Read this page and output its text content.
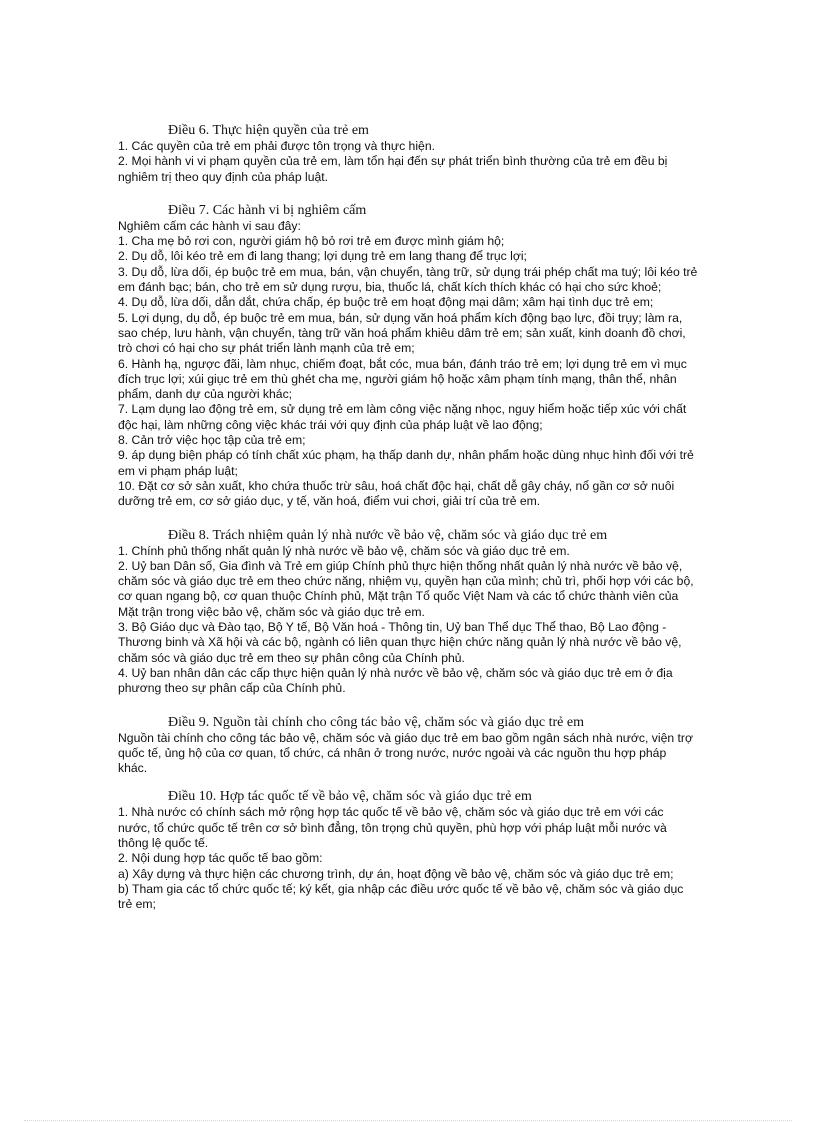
Điều 6. Thực hiện quyền của trẻ em

1. Các quyền của trẻ em phải được tôn trọng và thực hiện.

2. Mọi hành vi vi phạm quyền của trẻ em, làm tổn hại đến sự phát triển bình thường của trẻ em đều bị nghiêm trị theo quy định của pháp luật.

Điều 7. Các hành vi bị nghiêm cấm

Nghiêm cấm các hành vi sau đây:

1. Cha mẹ bỏ rơi con, người giám hộ bỏ rơi trẻ em được mình giám hộ;

2. Dụ dỗ, lôi kéo trẻ em đi lang thang; lợi dụng trẻ em lang thang để trục lợi;

3. Dụ dỗ, lừa dối, ép buộc trẻ em mua, bán, vận chuyển, tàng trữ, sử dụng trái phép chất ma tuý; lôi kéo trẻ em đánh bạc; bán, cho trẻ em sử dụng rượu, bia, thuốc lá, chất kích thích khác có hại cho sức khoẻ;

4. Dụ dỗ, lừa dối, dẫn dắt, chứa chấp, ép buộc trẻ em hoạt động mại dâm; xâm hại tình dục trẻ em;

5. Lợi dụng, dụ dỗ, ép buộc trẻ em mua, bán, sử dụng văn hoá phẩm kích động bạo lực, đồi trụy; làm ra, sao chép, lưu hành, vận chuyển, tàng trữ văn hoá phẩm khiêu dâm trẻ em; sản xuất, kinh doanh đồ chơi, trò chơi có hại cho sự phát triển lành mạnh của trẻ em;

6. Hành hạ, ngược đãi, làm nhục, chiếm đoạt, bắt cóc, mua bán, đánh tráo trẻ em; lợi dụng trẻ em vì mục đích trục lợi; xúi giục trẻ em thù ghét cha mẹ, người giám hộ hoặc xâm phạm tính mạng, thân thể, nhân phẩm, danh dự của người khác;

7. Lạm dụng lao động trẻ em, sử dụng trẻ em làm công việc nặng nhọc, nguy hiểm hoặc tiếp xúc với chất độc hại, làm những công việc khác trái với quy định của pháp luật về lao động;

8. Cản trở việc học tập của trẻ em;

9. áp dụng biện pháp có tính chất xúc phạm, hạ thấp danh dự, nhân phẩm hoặc dùng nhục hình đối với trẻ em vi phạm pháp luật;

10. Đặt cơ sở sản xuất, kho chứa thuốc trừ sâu, hoá chất độc hại, chất dễ gây cháy, nổ gần cơ sở nuôi dưỡng trẻ em, cơ sở giáo dục, y tế, văn hoá, điểm vui chơi, giải trí của trẻ em.

Điều 8. Trách nhiệm quản lý nhà nước về bảo vệ, chăm sóc và giáo dục trẻ em

1. Chính phủ thống nhất quản lý nhà nước về bảo vệ, chăm sóc và giáo dục trẻ em.

2. Uỷ ban Dân số, Gia đình và Trẻ em giúp Chính phủ thực hiện thống nhất quản lý nhà nước về bảo vệ, chăm sóc và giáo dục trẻ em theo chức năng, nhiệm vụ, quyền hạn của mình; chủ trì, phối hợp với các bộ, cơ quan ngang bộ, cơ quan thuộc Chính phủ, Mặt trận Tổ quốc Việt Nam và các tổ chức thành viên của Mặt trận trong việc bảo vệ, chăm sóc và giáo dục trẻ em.

3. Bộ Giáo dục và Đào tạo, Bộ Y tế, Bộ Văn hoá - Thông tin, Uỷ ban Thể dục Thể thao, Bộ Lao động - Thương binh và Xã hội và các bộ, ngành có liên quan thực hiện chức năng quản lý nhà nước về bảo vệ, chăm sóc và giáo dục trẻ em theo sự phân công của Chính phủ.

4. Uỷ ban nhân dân các cấp thực hiện quản lý nhà nước về bảo vệ, chăm sóc và giáo dục trẻ em ở địa phương theo sự phân cấp của Chính phủ.

Điều 9. Nguồn tài chính cho công tác bảo vệ, chăm sóc và giáo dục trẻ em

Nguồn tài chính cho công tác bảo vệ, chăm sóc và giáo dục trẻ em bao gồm ngân sách nhà nước, viện trợ quốc tế, ủng hộ của cơ quan, tổ chức, cá nhân ở trong nước, nước ngoài và các nguồn thu hợp pháp khác.

Điều 10. Hợp tác quốc tế về bảo vệ, chăm sóc và giáo dục trẻ em

1. Nhà nước có chính sách mở rộng hợp tác quốc tế về bảo vệ, chăm sóc và giáo dục trẻ em với các nước, tổ chức quốc tế trên cơ sở bình đẳng, tôn trọng chủ quyền, phù hợp với pháp luật mỗi nước và thông lệ quốc tế.

2. Nội dung hợp tác quốc tế bao gồm:

a) Xây dựng và thực hiện các chương trình, dự án, hoạt động về bảo vệ, chăm sóc và giáo dục trẻ em;

b) Tham gia các tổ chức quốc tế; ký kết, gia nhập các điều ước quốc tế về bảo vệ, chăm sóc và giáo dục trẻ em;
